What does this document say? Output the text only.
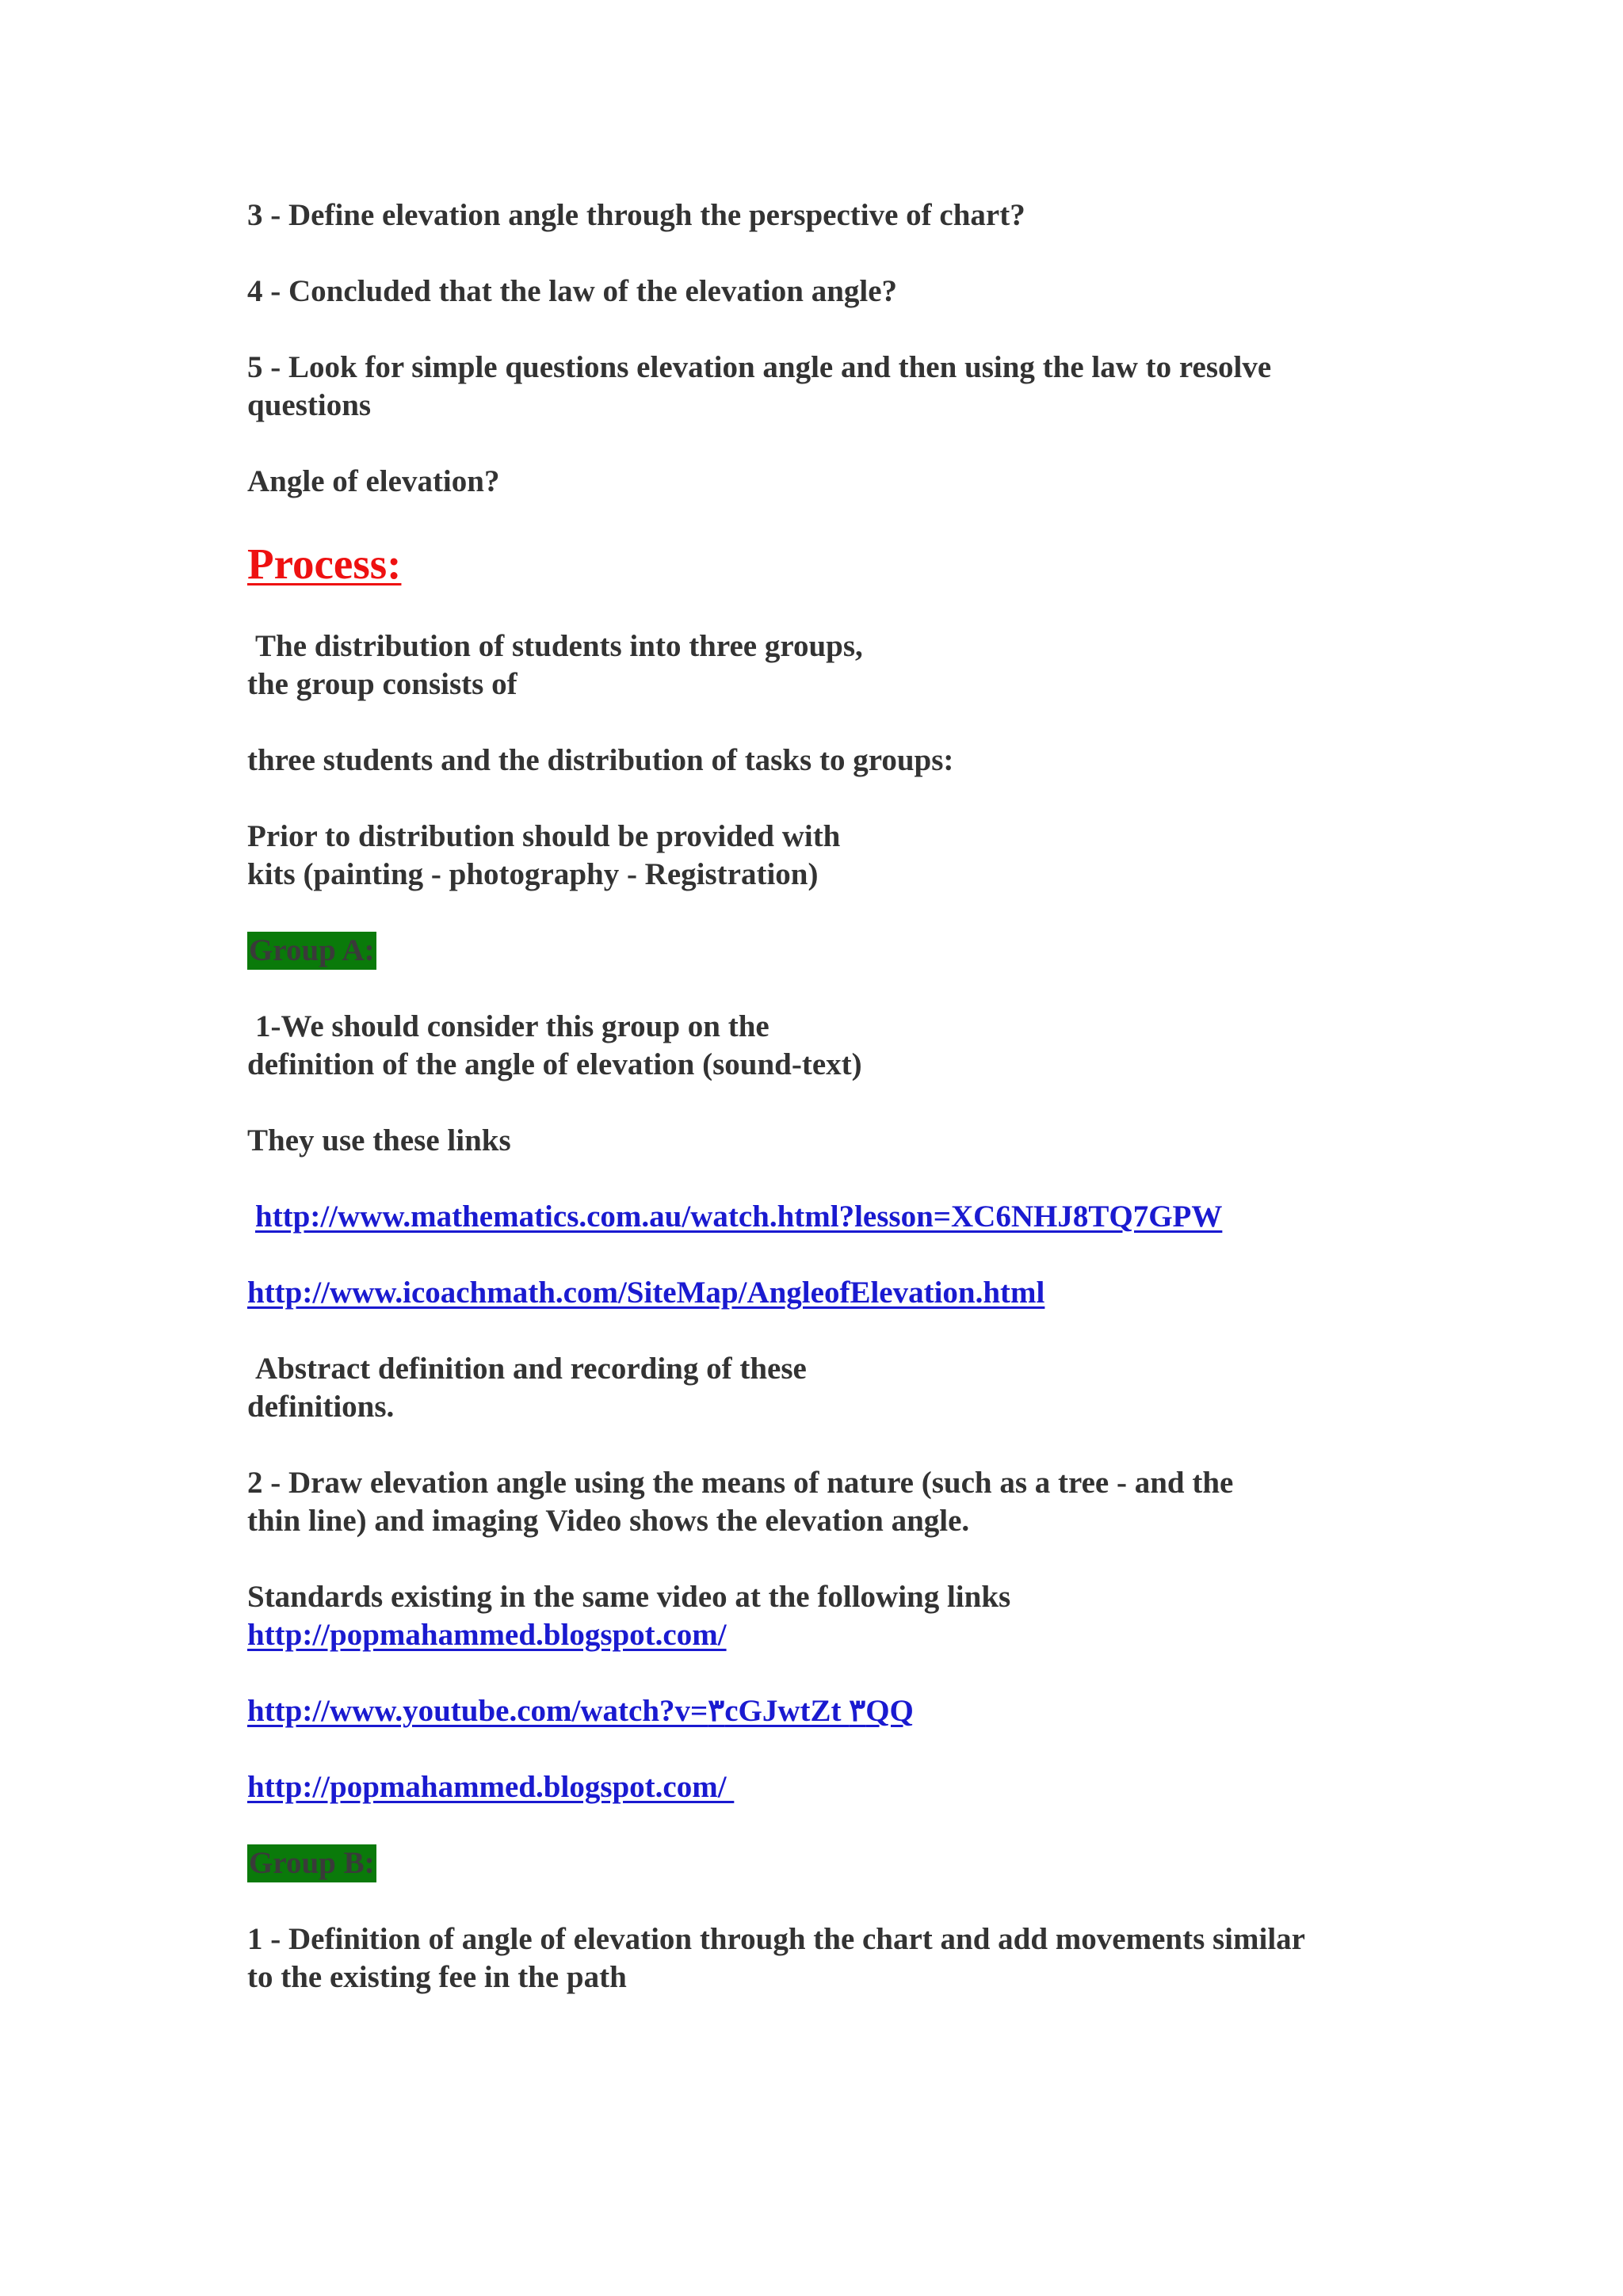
3 - Define elevation angle through the perspective of chart?

4 - Concluded that the law of the elevation angle?

5 - Look for simple questions elevation angle and then using the law to resolve questions

Angle of elevation?

Process:

The distribution of students into three groups,
the group consists of

three students and the distribution of tasks to groups:

Prior to distribution should be provided with
kits (painting - photography - Registration)

Group A:

1-We should consider this group on the
definition of the angle of elevation (sound-text)

They use these links

http://www.mathematics.com.au/watch.html?lesson=XC6NHJ8TQ7GPW

http://www.icoachmath.com/SiteMap/AngleofElevation.html

Abstract definition and recording of these
definitions.

2 - Draw elevation angle using the means of nature (such as a tree - and the
thin line) and imaging Video shows the elevation angle.

Standards existing in the same video at the following links
http://popmahammed.blogspot.com/

http://www.youtube.com/watch?v=٣cGJwtZt ٣QQ

http://popmahammed.blogspot.com/

Group B:

1 - Definition of angle of elevation through the chart and add movements similar
to the existing fee in the path
